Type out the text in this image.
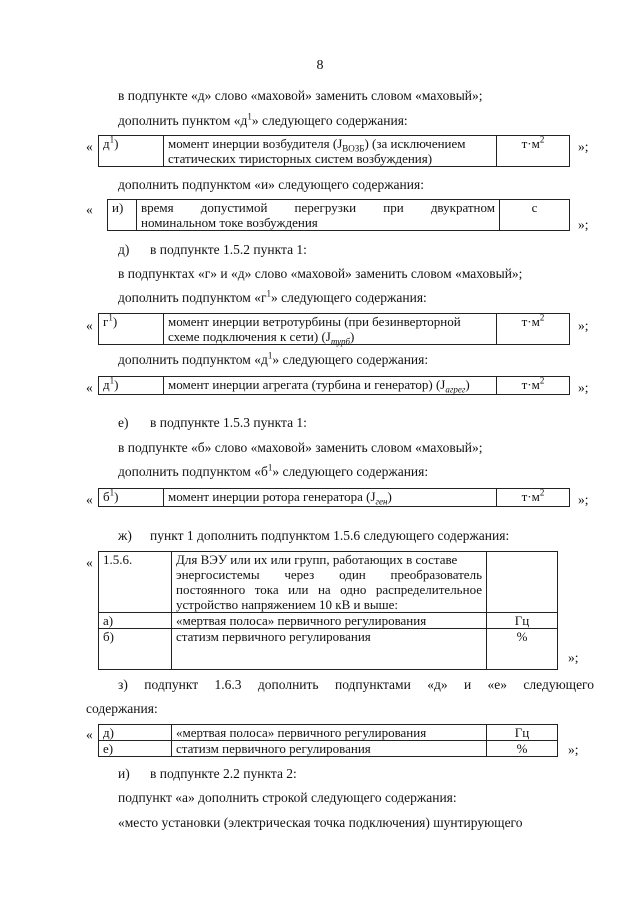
8
в подпункте «д» слово «маховой» заменить словом «маховый»;
дополнить пунктом «$д^1$» следующего содержания:
« $д^1$)	момент инерции возбудителя $(J_{ВОЗБ})$ (за исключением
статических тиристорных систем возбуждения)	$т\cdot м^2$ »;
дополнить подпунктом «и» следующего содержания:
« и)	время допустимой перегрузки при двукратном
номинальном токе возбуждения
	с
»;
д) в подпункте 1.5.2 пункта 1:
в подпунктах «г» и «д» слово «маховой» заменить словом «маховый»;
дополнить подпунктом «$г^1$» следующего содержания:
« $г^1$)	момент инерции ветротурбины (при безинверторной
схеме подключения к сети) $(J_{турб})$	$т\cdot м^2$
»;
дополнить подпунктом «$д^1$» следующего содержания:
« $д^1$)	момент инерции агрегата (турбина и генератор) $(J_{агрег})$	$т\cdot м^2$ »;
е) в подпункте 1.5.3 пункта 1:
в подпункте «б» слово «маховой» заменить словом «маховый»;
дополнить подпунктом «$б^1$» следующего содержания:
« $б^1$)	момент инерции ротора генератора $(J_{ген})$	$т\cdot м^2$ »;
ж) пункт 1 дополнить подпунктом 1.5.6 следующего содержания:
« 1.5.6.	Для ВЭУ или их или групп, работающих в составе
энергосистемы через один преобразователь
постоянного тока или на одно распределительное
устройство напряжением 10 кВ и выше:	

а)	«мертвая полоса» первичного регулирования	Гц
б)	статизм первичного регулирования	%
»;
з) подпункт 1.6.3 дополнить подпунктами «д» и «е» следующего
содержания:
« д)	«мертвая полоса» первичного регулирования	Гц
е)	статизм первичного регулирования	%	»;
и) в подпункте 2.2 пункта 2:
подпункт «а» дополнить строкой следующего содержания:
«место установки (электрическая точка подключения) шунтирующего
